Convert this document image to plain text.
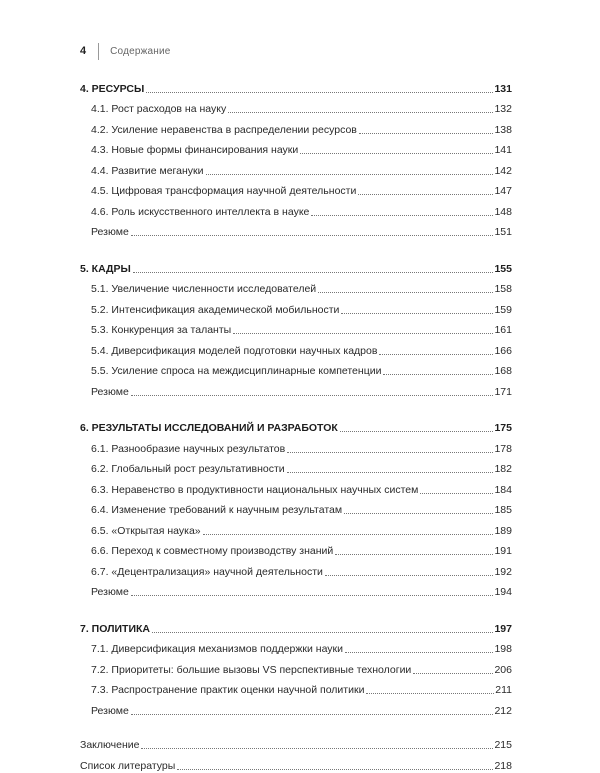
4 Содержание
4. РЕСУРСЫ	131
4.1. Рост расходов на науку	132
4.2. Усиление неравенства в распределении ресурсов	138
4.3. Новые формы финансирования науки	141
4.4. Развитие мегануки	142
4.5. Цифровая трансформация научной деятельности	147
4.6. Роль искусственного интеллекта в науке	148
Резюме	151
5. КАДРЫ	155
5.1. Увеличение численности исследователей	158
5.2. Интенсификация академической мобильности	159
5.3. Конкуренция за таланты	161
5.4. Диверсификация моделей подготовки научных кадров	166
5.5. Усиление спроса на междисциплинарные компетенции	168
Резюме	171
6. РЕЗУЛЬТАТЫ ИССЛЕДОВАНИЙ И РАЗРАБОТОК	175
6.1. Разнообразие научных результатов	178
6.2. Глобальный рост результативности	182
6.3. Неравенство в продуктивности национальных научных систем	184
6.4. Изменение требований к научным результатам	185
6.5. «Открытая наука»	189
6.6. Переход к совместному производству знаний	191
6.7. «Децентрализация» научной деятельности	192
Резюме	194
7. ПОЛИТИКА	197
7.1. Диверсификация механизмов поддержки науки	198
7.2. Приоритеты: большие вызовы VS перспективные технологии	206
7.3. Распространение практик оценки научной политики	211
Резюме	212
Заключение	215
Список литературы	218
